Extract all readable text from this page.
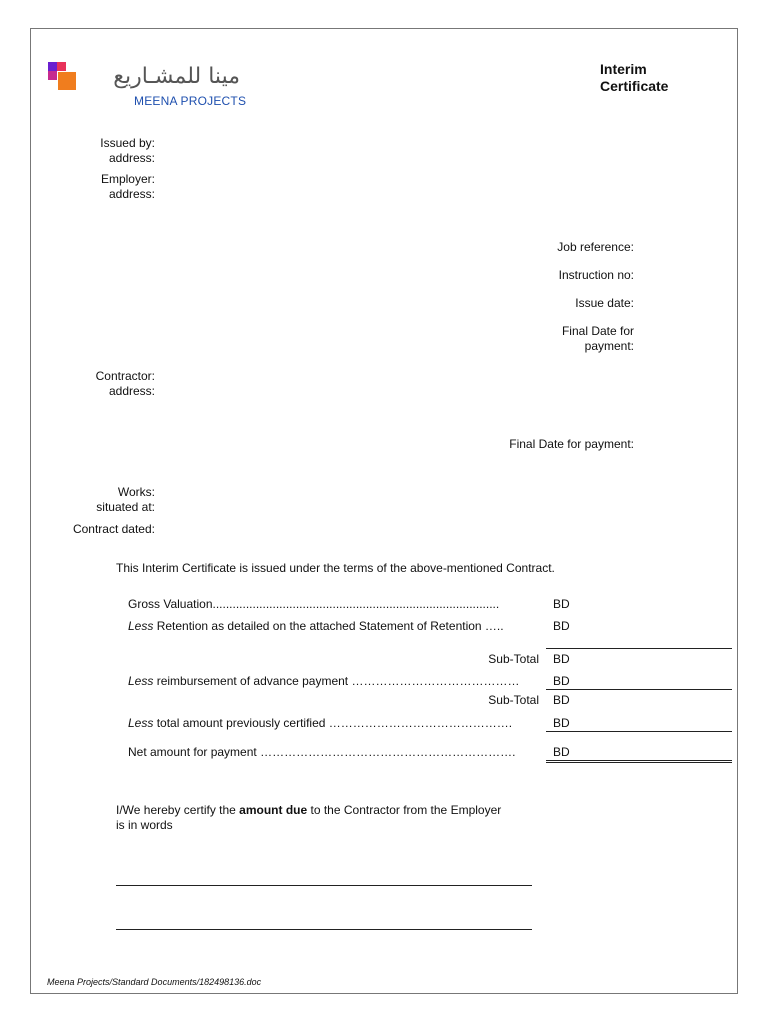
مينا للمشـاريع
MEENA PROJECTS
Interim
Certificate
Issued by:
address:
Employer:
address:
Job reference:
Instruction no:
Issue date:
Final Date for
payment:
Contractor:
address:
Final Date for payment:
Works:
situated at:
Contract dated:
This Interim Certificate is issued under the terms of the above-mentioned Contract.
Gross Valuation......................................................................................	BD
Less Retention as detailed on the attached Statement of Retention …..	BD
Sub-Total BD
Less reimbursement of advance payment ……………………………………	BD
Sub-Total BD
Less total amount previously certified ……………………………………….	BD
Net amount for payment ……………………………………………………….	BD
I/We hereby certify the amount due to the Contractor from the Employer
is in words
Meena Projects/Standard Documents/182498136.doc
